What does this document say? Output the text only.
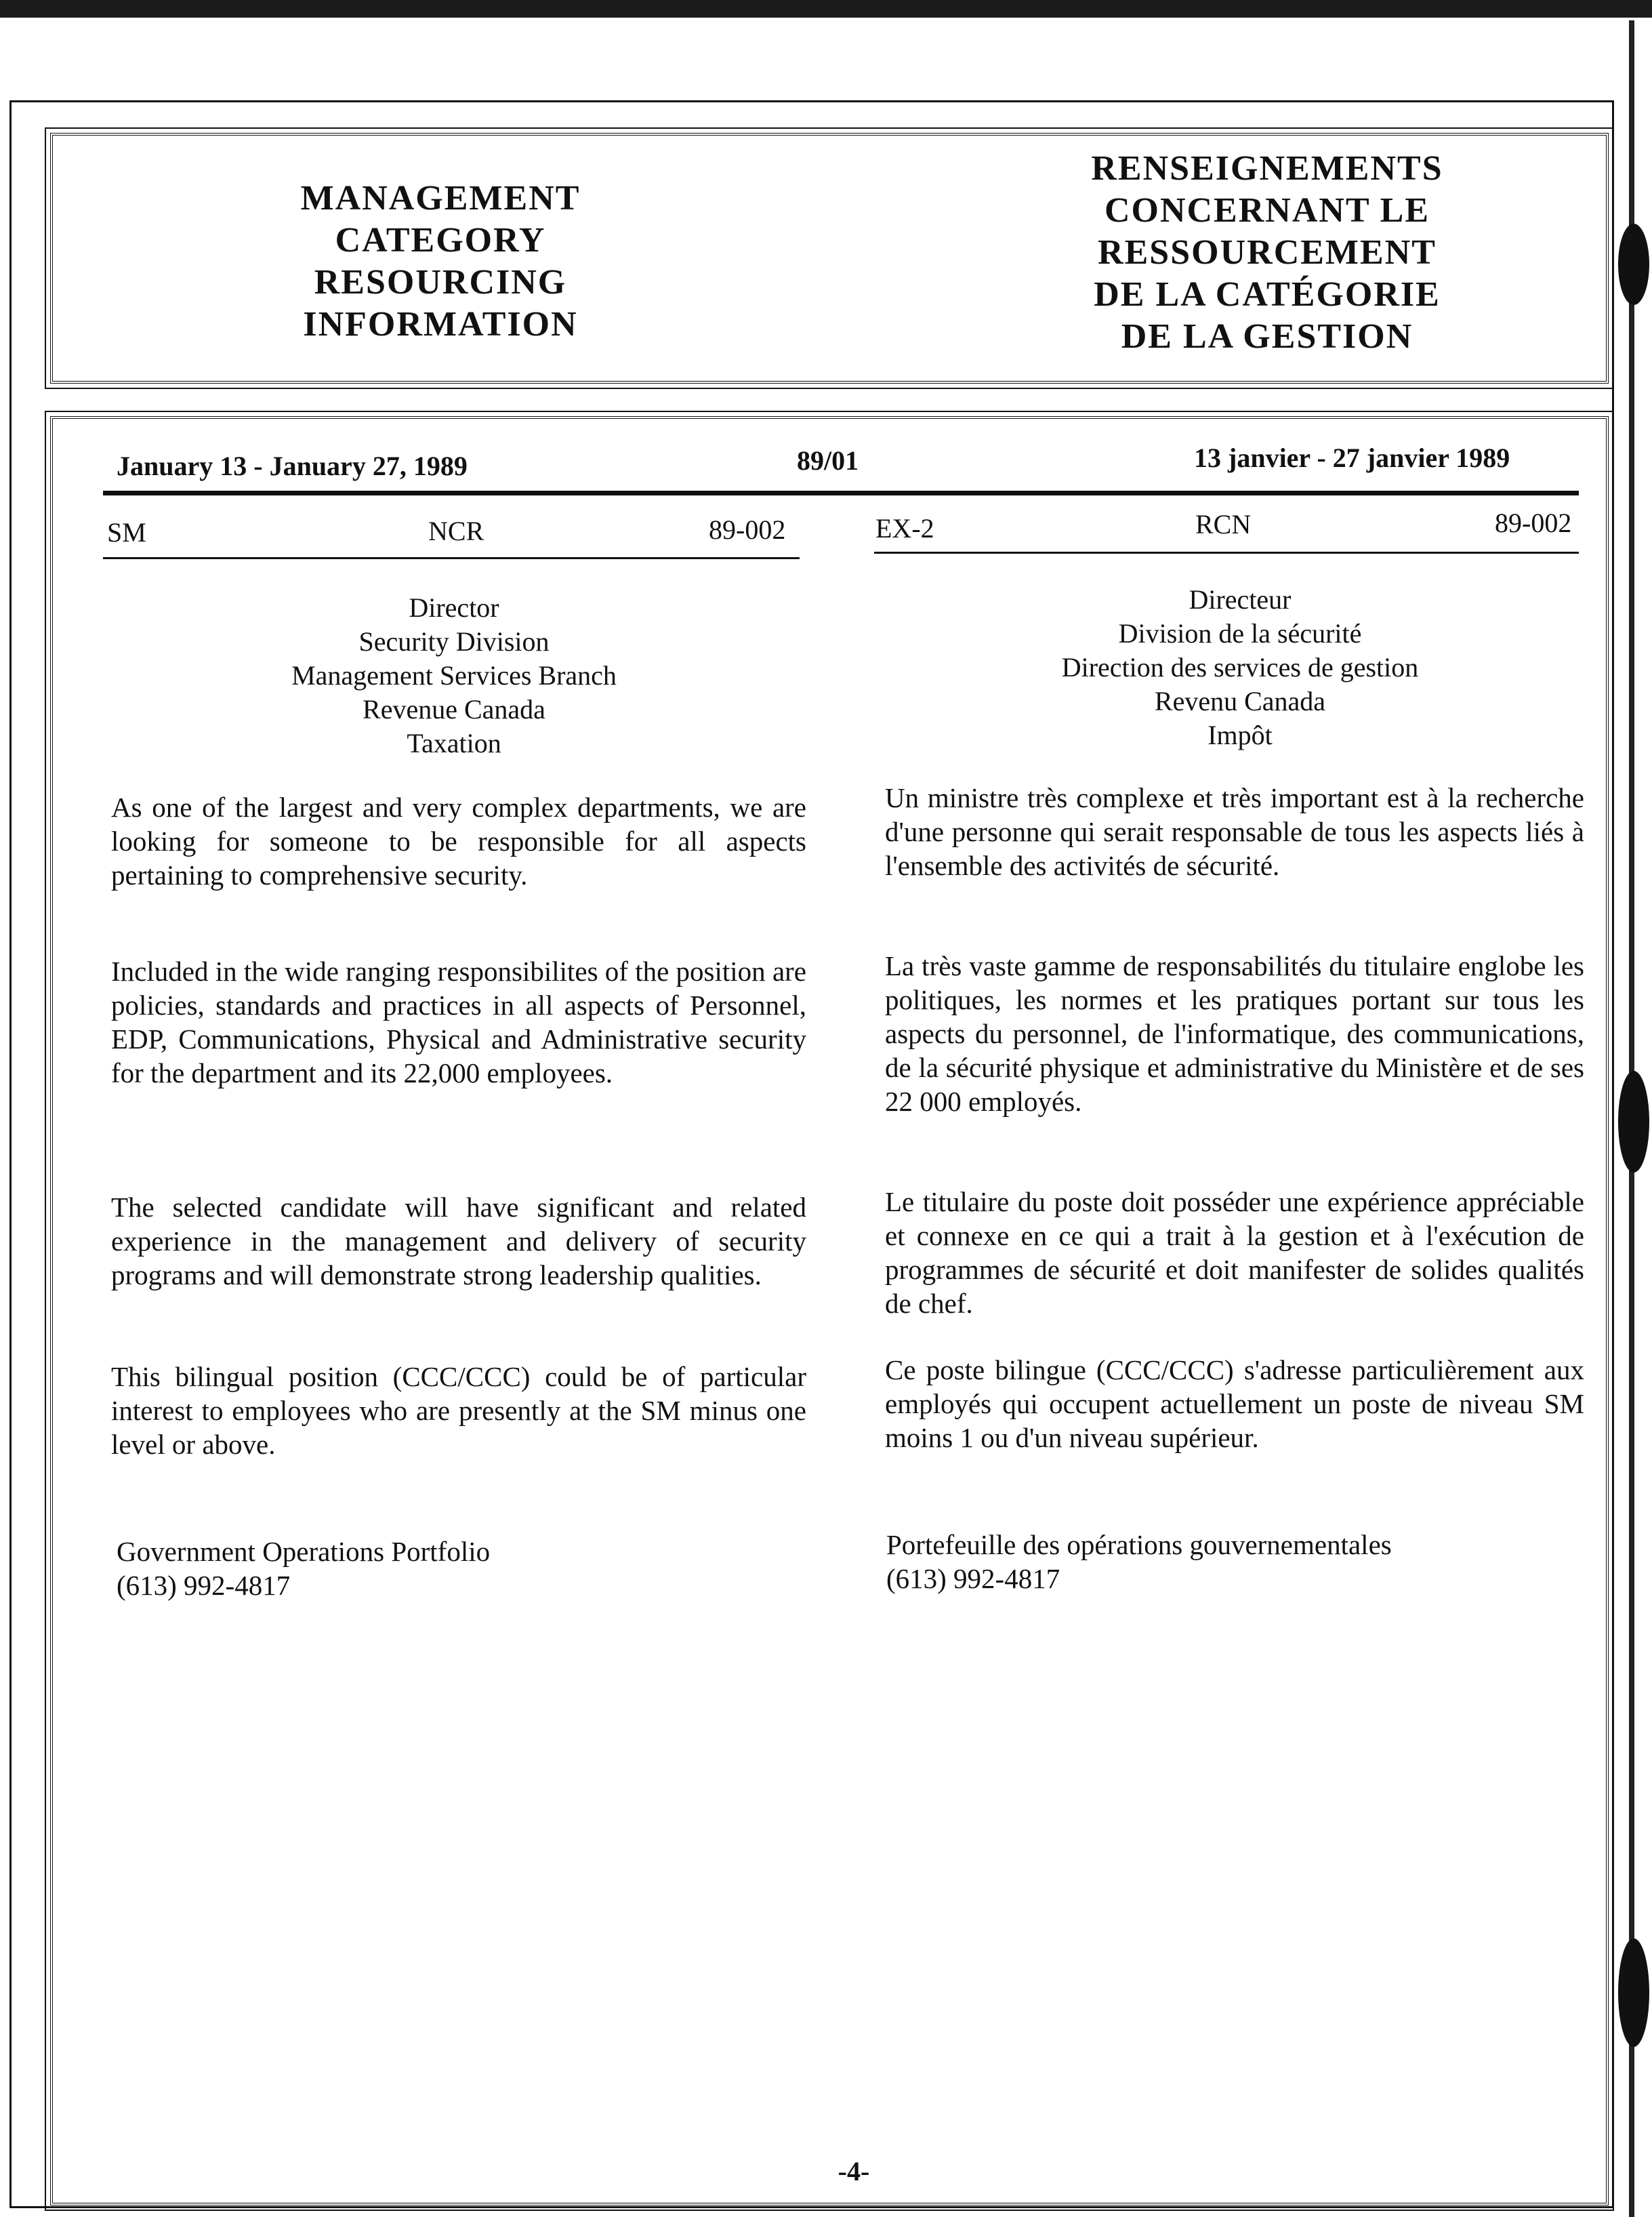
MANAGEMENT
CATEGORY
RESOURCING
INFORMATION
RENSEIGNEMENTS
CONCERNANT LE
RESSOURCEMENT
DE LA CATÉGORIE
DE LA GESTION
January 13 - January 27, 1989	89/01	13 janvier - 27 janvier 1989
SM	NCR	89-002	EX-2	RCN	89-002
Director
Security Division
Management Services Branch
Revenue Canada
Taxation
Directeur
Division de la sécurité
Direction des services de gestion
Revenu Canada
Impôt

As one of the largest and very complex departments, we are looking for someone to be responsible for all aspects pertaining to comprehensive security.

Included in the wide ranging responsibilites of the position are policies, standards and practices in all aspects of Personnel, EDP, Communications, Physical and Administrative security for the department and its 22,000 employees.

The selected candidate will have significant and related experience in the management and delivery of security programs and will demonstrate strong leadership qualities.

This bilingual position (CCC/CCC) could be of particular interest to employees who are presently at the SM minus one level or above.

Un ministre très complexe et très important est à la recherche d'une personne qui serait responsable de tous les aspects liés à l'ensemble des activités de sécurité.

La très vaste gamme de responsabilités du titulaire englobe les politiques, les normes et les pratiques portant sur tous les aspects du personnel, de l'informatique, des communications, de la sécurité physique et administrative du Ministère et de ses 22 000 employés.

Le titulaire du poste doit posséder une expérience appréciable et connexe en ce qui a trait à la gestion et à l'exécution de programmes de sécurité et doit manifester de solides qualités de chef.

Ce poste bilingue (CCC/CCC) s'adresse particulièrement aux employés qui occupent actuellement un poste de niveau SM moins 1 ou d'un niveau supérieur.

Government Operations Portfolio
(613) 992-4817
Portefeuille des opérations gouvernementales
(613) 992-4817
-4-
